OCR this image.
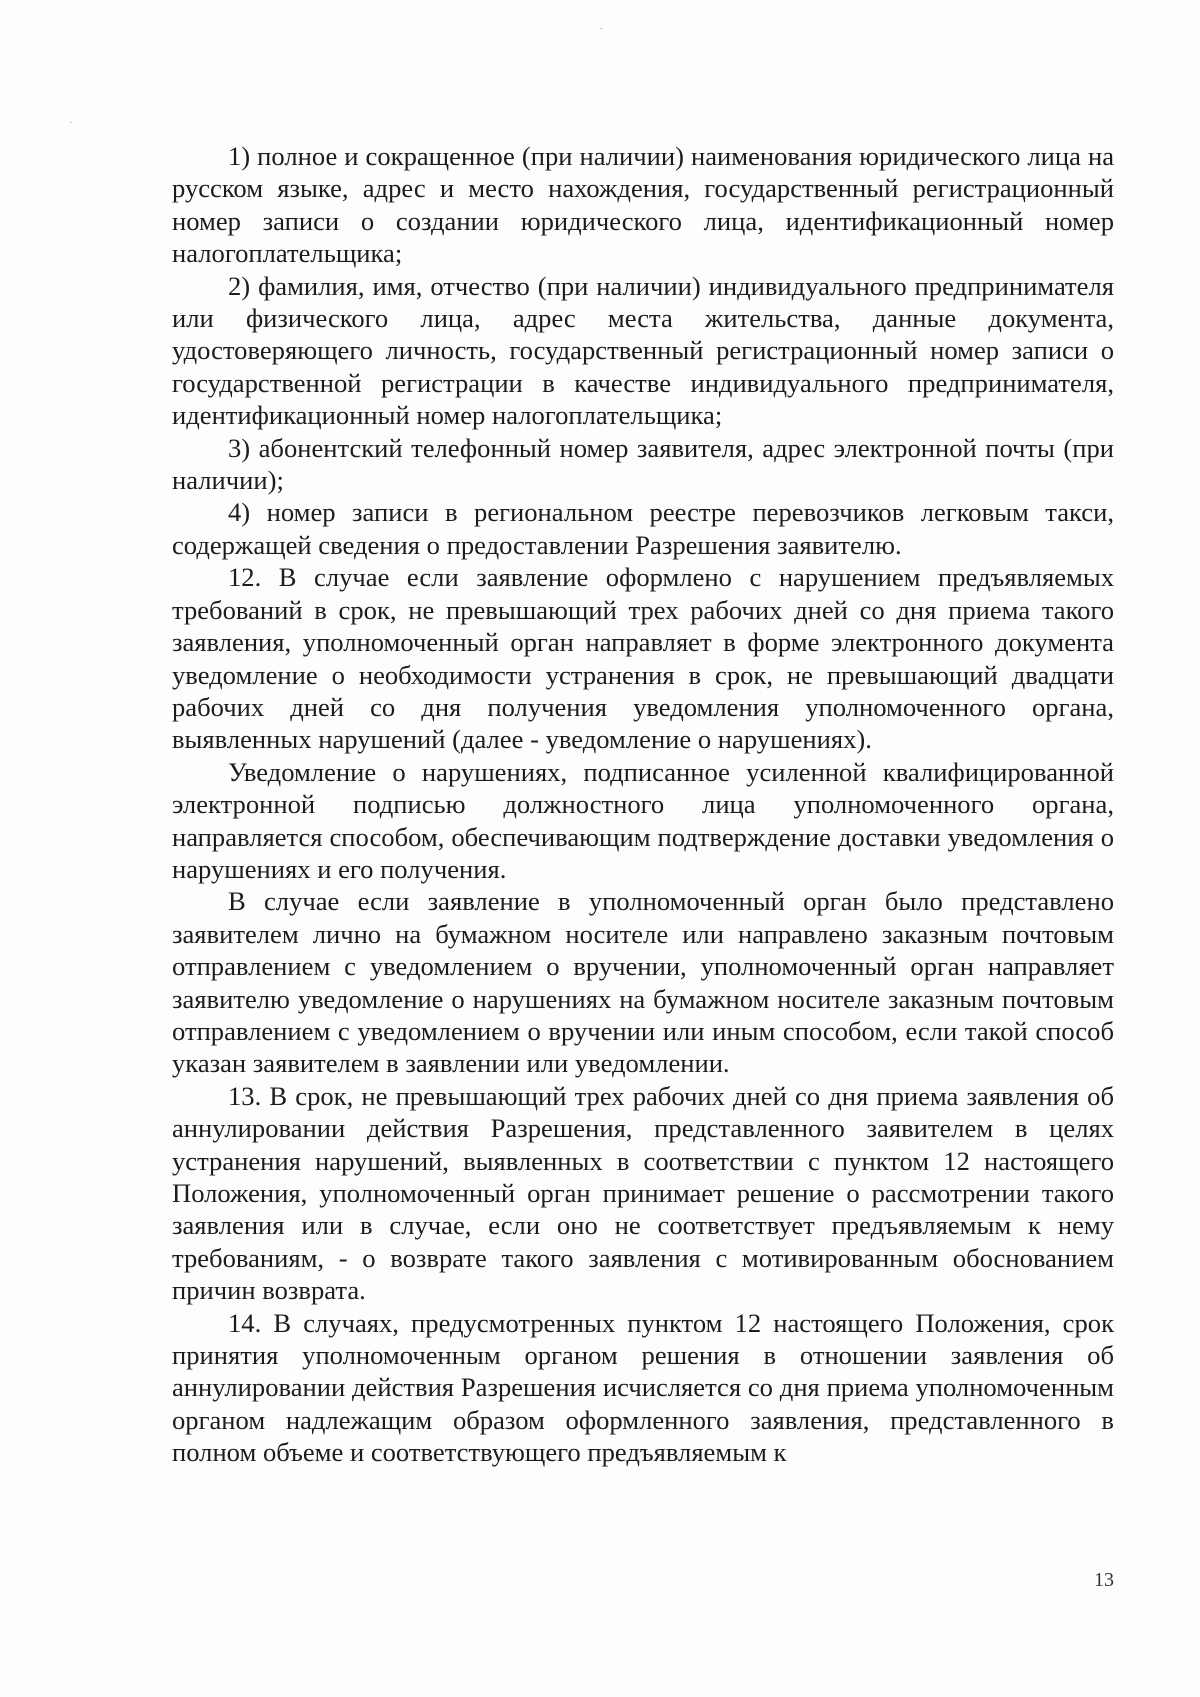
1) полное и сокращенное (при наличии) наименования юридического лица на русском языке, адрес и место нахождения, государственный регистрационный номер записи о создании юридического лица, идентификационный номер налогоплательщика;

2) фамилия, имя, отчество (при наличии) индивидуального предпринимателя или физического лица, адрес места жительства, данные документа, удостоверяющего личность, государственный регистрационный номер записи о государственной регистрации в качестве индивидуального предпринимателя, идентификационный номер налогоплательщика;

3) абонентский телефонный номер заявителя, адрес электронной почты (при наличии);

4) номер записи в региональном реестре перевозчиков легковым такси, содержащей сведения о предоставлении Разрешения заявителю.

12. В случае если заявление оформлено с нарушением предъявляемых требований в срок, не превышающий трех рабочих дней со дня приема такого заявления, уполномоченный орган направляет в форме электронного документа уведомление о необходимости устранения в срок, не превышающий двадцати рабочих дней со дня получения уведомления уполномоченного органа, выявленных нарушений (далее - уведомление о нарушениях).

Уведомление о нарушениях, подписанное усиленной квалифицированной электронной подписью должностного лица уполномоченного органа, направляется способом, обеспечивающим подтверждение доставки уведомления о нарушениях и его получения.

В случае если заявление в уполномоченный орган было представлено заявителем лично на бумажном носителе или направлено заказным почтовым отправлением с уведомлением о вручении, уполномоченный орган направляет заявителю уведомление о нарушениях на бумажном носителе заказным почтовым отправлением с уведомлением о вручении или иным способом, если такой способ указан заявителем в заявлении или уведомлении.

13. В срок, не превышающий трех рабочих дней со дня приема заявления об аннулировании действия Разрешения, представленного заявителем в целях устранения нарушений, выявленных в соответствии с пунктом 12 настоящего Положения, уполномоченный орган принимает решение о рассмотрении такого заявления или в случае, если оно не соответствует предъявляемым к нему требованиям, - о возврате такого заявления с мотивированным обоснованием причин возврата.

14. В случаях, предусмотренных пунктом 12 настоящего Положения, срок принятия уполномоченным органом решения в отношении заявления об аннулировании действия Разрешения исчисляется со дня приема уполномоченным органом надлежащим образом оформленного заявления, представленного в полном объеме и соответствующего предъявляемым к

13
